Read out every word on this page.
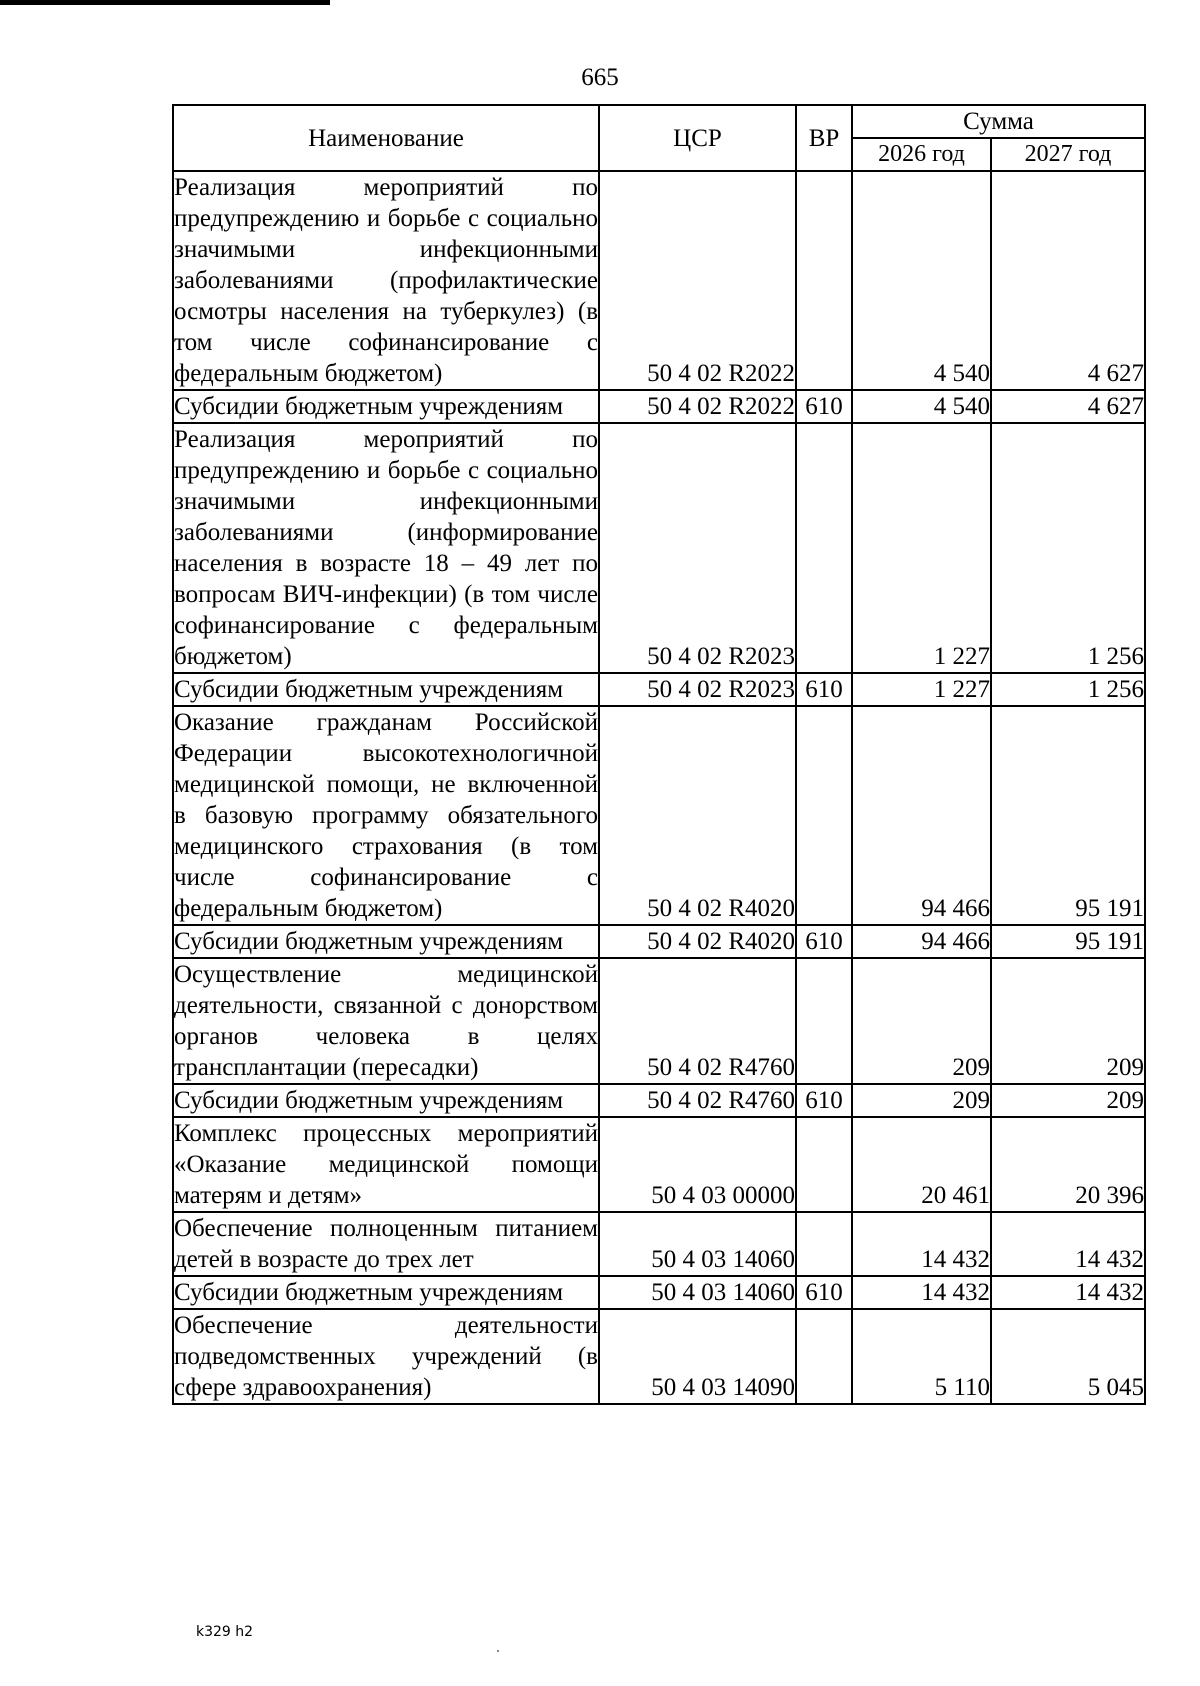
665
Наименование	ЦСР	ВР	Сумма	
			2026 год	2027 год
Реализация мероприятий по предупреждению и борьбе с социально значимыми инфекционными заболеваниями (профилактические осмотры населения на туберкулез) (в том числе софинансирование с федеральным бюджетом)	50 4 02 R2022		4 540	4 627
Субсидии бюджетным учреждениям	50 4 02 R2022	610	4 540	4 627
Реализация мероприятий по предупреждению и борьбе с социально значимыми инфекционными заболеваниями (информирование населения в возрасте 18 – 49 лет по вопросам ВИЧ-инфекции) (в том числе софинансирование с федеральным бюджетом)	50 4 02 R2023		1 227	1 256
Субсидии бюджетным учреждениям	50 4 02 R2023	610	1 227	1 256
Оказание гражданам Российской Федерации высокотехнологичной медицинской помощи, не включенной в базовую программу обязательного медицинского страхования (в том числе софинансирование с федеральным бюджетом)	50 4 02 R4020		94 466	95 191
Субсидии бюджетным учреждениям	50 4 02 R4020	610	94 466	95 191
Осуществление медицинской деятельности, связанной с донорством органов человека в целях трансплантации (пересадки)	50 4 02 R4760		209	209
Субсидии бюджетным учреждениям	50 4 02 R4760	610	209	209
Комплекс процессных мероприятий «Оказание медицинской помощи матерям и детям»	50 4 03 00000		20 461	20 396
Обеспечение полноценным питанием детей в возрасте до трех лет	50 4 03 14060		14 432	14 432
Субсидии бюджетным учреждениям	50 4 03 14060	610	14 432	14 432
Обеспечение деятельности подведомственных учреждений (в сфере здравоохранения)	50 4 03 14090		5 110	5 045
k329 h2
